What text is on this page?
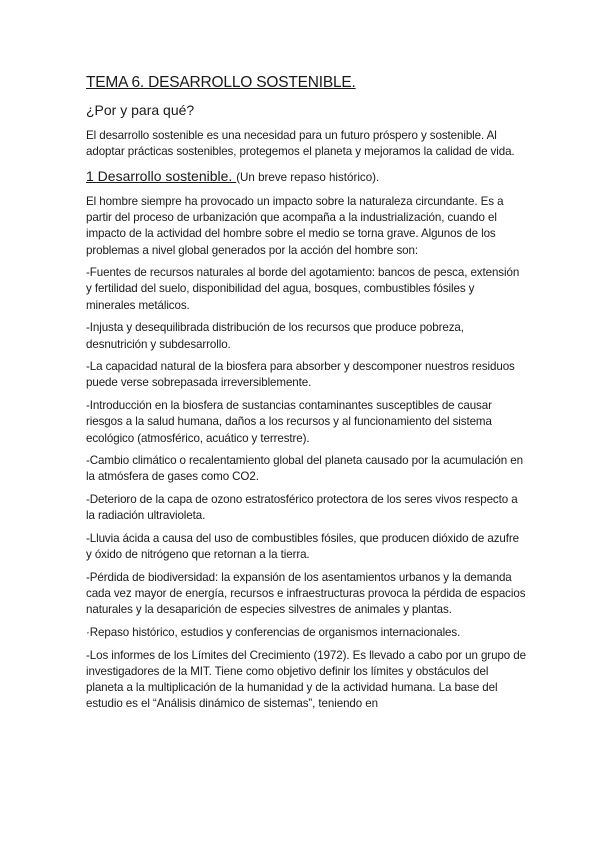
TEMA 6. DESARROLLO SOSTENIBLE.
¿Por y para qué?

El desarrollo sostenible es una necesidad para un futuro próspero y sostenible. Al adoptar prácticas sostenibles, protegemos el planeta y mejoramos la calidad de vida.

1 Desarrollo sostenible. (Un breve repaso histórico).

El hombre siempre ha provocado un impacto sobre la naturaleza circundante. Es a partir del proceso de urbanización que acompaña a la industrialización, cuando el impacto de la actividad del hombre sobre el medio se torna grave. Algunos de los problemas a nivel global generados por la acción del hombre son:

-Fuentes de recursos naturales al borde del agotamiento: bancos de pesca, extensión y fertilidad del suelo, disponibilidad del agua, bosques, combustibles fósiles y minerales metálicos.

-Injusta y desequilibrada distribución de los recursos que produce pobreza, desnutrición y subdesarrollo.

-La capacidad natural de la biosfera para absorber y descomponer nuestros residuos puede verse sobrepasada irreversiblemente.

-Introducción en la biosfera de sustancias contaminantes susceptibles de causar riesgos a la salud humana, daños a los recursos y al funcionamiento del sistema ecológico (atmosférico, acuático y terrestre).

-Cambio climático o recalentamiento global del planeta causado por la acumulación en la atmósfera de gases como CO2.

-Deterioro de la capa de ozono estratosférico protectora de los seres vivos respecto a la radiación ultravioleta.

-Lluvia ácida a causa del uso de combustibles fósiles, que producen dióxido de azufre y óxido de nitrógeno que retornan a la tierra.

-Pérdida de biodiversidad: la expansión de los asentamientos urbanos y la demanda cada vez mayor de energía, recursos e infraestructuras provoca la pérdida de espacios naturales y la desaparición de especies silvestres de animales y plantas.

·Repaso histórico, estudios y conferencias de organismos internacionales.

-Los informes de los Límites del Crecimiento (1972). Es llevado a cabo por un grupo de investigadores de la MIT. Tiene como objetivo definir los límites y obstáculos del planeta a la multiplicación de la humanidad y de la actividad humana. La base del estudio es el “Análisis dinámico de sistemas”, teniendo en
